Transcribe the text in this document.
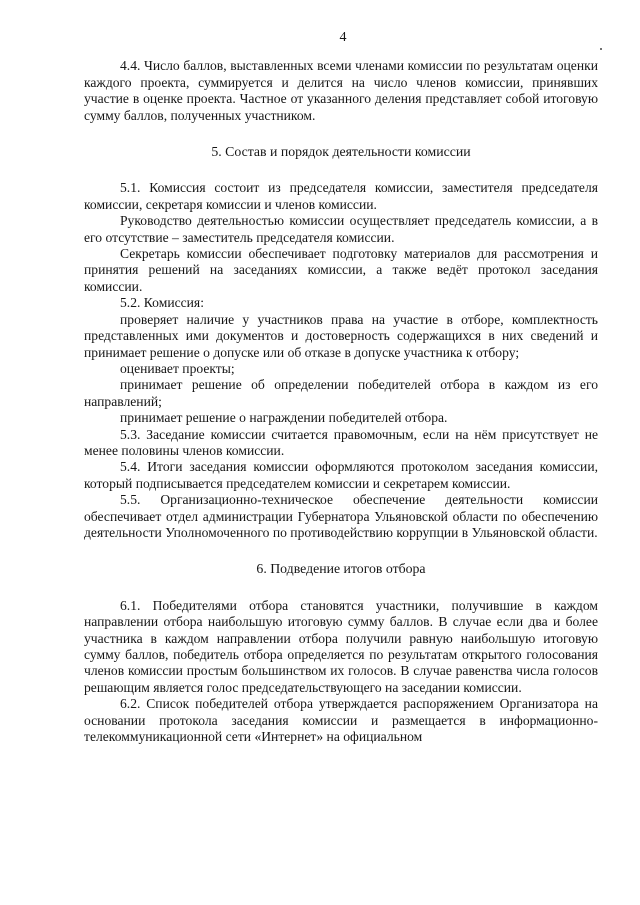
4

4.4. Число баллов, выставленных всеми членами комиссии по результатам оценки каждого проекта, суммируется и делится на число членов комиссии, принявших участие в оценке проекта. Частное от указанного деления представляет собой итоговую сумму баллов, полученных участником.

5. Состав и порядок деятельности комиссии

5.1. Комиссия состоит из председателя комиссии, заместителя председателя комиссии, секретаря комиссии и членов комиссии.

Руководство деятельностью комиссии осуществляет председатель комиссии, а в его отсутствие – заместитель председателя комиссии.

Секретарь комиссии обеспечивает подготовку материалов для рассмотрения и принятия решений на заседаниях комиссии, а также ведёт протокол заседания комиссии.

5.2. Комиссия:

проверяет наличие у участников права на участие в отборе, комплектность представленных ими документов и достоверность содержащихся в них сведений и принимает решение о допуске или об отказе в допуске участника к отбору;

оценивает проекты;

принимает решение об определении победителей отбора в каждом из его направлений;

принимает решение о награждении победителей отбора.

5.3. Заседание комиссии считается правомочным, если на нём присутствует не менее половины членов комиссии.

5.4. Итоги заседания комиссии оформляются протоколом заседания комиссии, который подписывается председателем комиссии и секретарем комиссии.

5.5. Организационно-техническое обеспечение деятельности комиссии обеспечивает отдел администрации Губернатора Ульяновской области по обеспечению деятельности Уполномоченного по противодействию коррупции в Ульяновской области.

6. Подведение итогов отбора

6.1. Победителями отбора становятся участники, получившие в каждом направлении отбора наибольшую итоговую сумму баллов. В случае если два и более участника в каждом направлении отбора получили равную наибольшую итоговую сумму баллов, победитель отбора определяется по результатам открытого голосования членов комиссии простым большинством их голосов. В случае равенства числа голосов решающим является голос председательствующего на заседании комиссии.

6.2. Список победителей отбора утверждается распоряжением Организатора на основании протокола заседания комиссии и размещается в информационно-телекоммуникационной сети «Интернет» на официальном
